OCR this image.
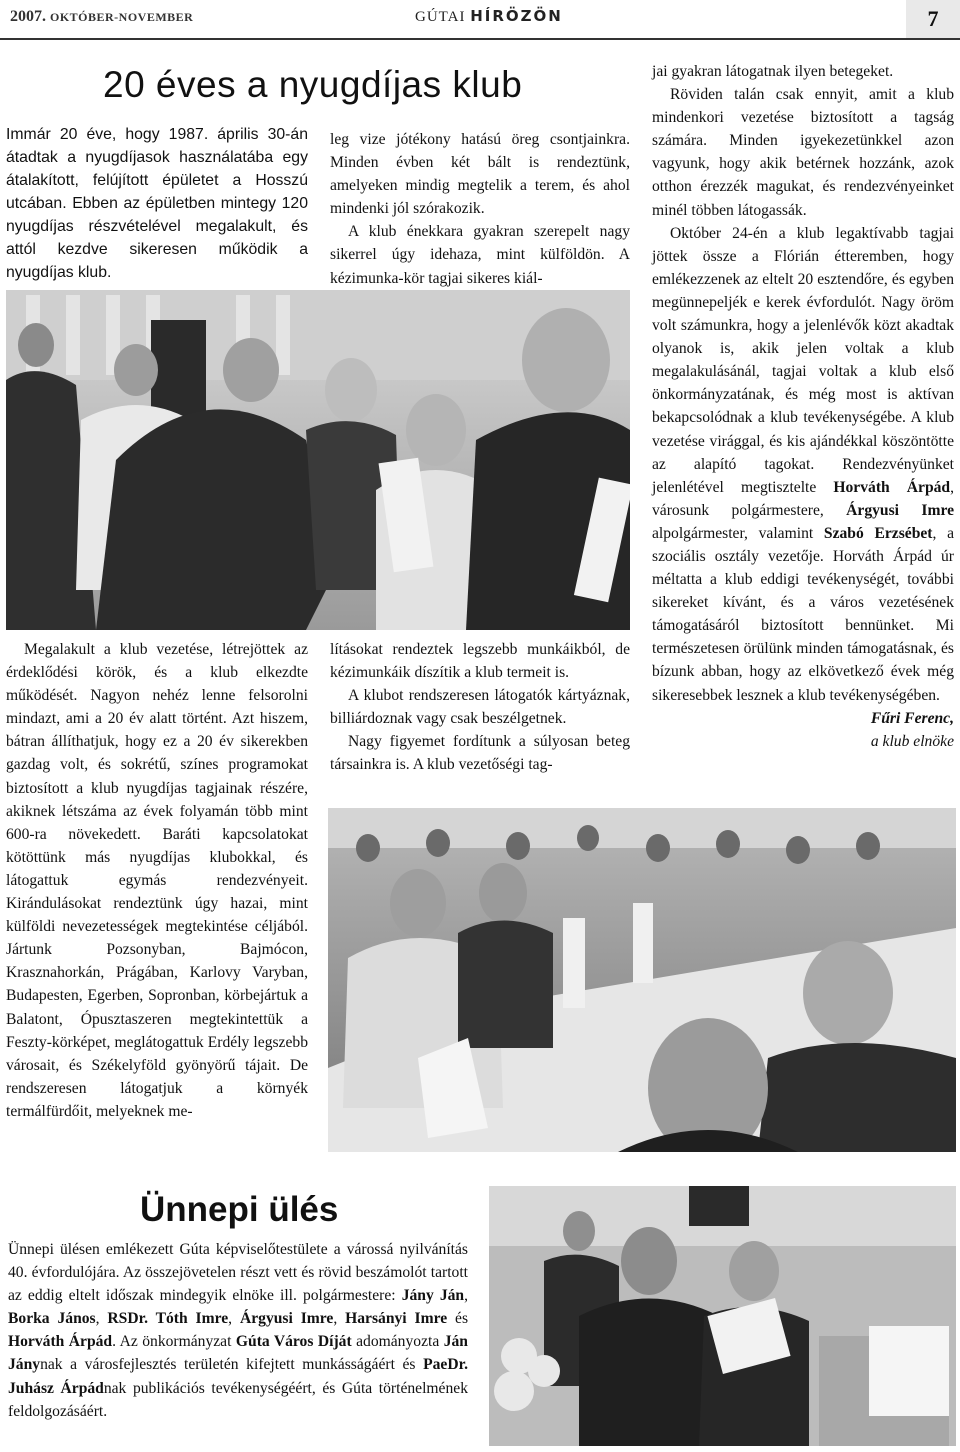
2007. OKTÓBER-NOVEMBER	GÚTAI HÍRÖZÖN	7
20 éves a nyugdíjas klub

Immár 20 éve, hogy 1987. április 30-án átadtak a nyugdíjasok használatába egy átalakított, felújított épületet a Hosszú utcában. Ebben az épületben mintegy 120 nyugdíjas részvételével megalakult, és attól kezdve sikeresen működik a nyugdíjas klub.

leg vize jótékony hatású öreg csontjainkra. Minden évben két bált is rendeztünk, amelyeken mindig megtelik a terem, és ahol mindenki jól szórakozik.

A klub énekkara gyakran szerepelt nagy sikerrel úgy idehaza, mint külföldön. A kézimunka-kör tagjai sikeres kiál-

Megalakult a klub vezetése, létrejöttek az érdeklődési körök, és a klub elkezdte működését. Nagyon nehéz lenne felsorolni mindazt, ami a 20 év alatt történt. Azt hiszem, bátran állíthatjuk, hogy ez a 20 év sikerekben gazdag volt, és sokrétű, színes programokat biztosított a klub nyugdíjas tagjainak részére, akiknek létszáma az évek folyamán több mint 600-ra növekedett. Baráti kapcsolatokat kötöttünk más nyugdíjas klubokkal, és látogattuk egymás rendezvényeit. Kirándulásokat rendeztünk úgy hazai, mint külföldi nevezetességek megtekintése céljából. Jártunk Pozsonyban, Bajmócon, Krasznahorkán, Prágában, Karlovy Varyban, Budapesten, Egerben, Sopronban, körbejártuk a Balatont, Ópusztaszeren megtekintettük a Feszty-körképet, meglátogattuk Erdély legszebb városait, és Székelyföld gyönyörű tájait. De rendszeresen látogatjuk a környék termálfürdőit, melyeknek me-

lításokat rendeztek legszebb munkáikból, de kézimunkáik díszítik a klub termeit is.

A klubot rendszeresen látogatók kártyáznak, billiárdoznak vagy csak beszélgetnek.

Nagy figyemet fordítunk a súlyosan beteg társainkra is. A klub vezetőségi tag-

jai gyakran látogatnak ilyen betegeket.

Röviden talán csak ennyit, amit a klub mindenkori vezetése biztosított a tagság számára. Minden igyekezetünkkel azon vagyunk, hogy akik betérnek hozzánk, azok otthon érezzék magukat, és rendezvényeinket minél többen látogassák.

Október 24-én a klub legaktívabb tagjai jöttek össze a Flórián étteremben, hogy emlékezzenek az eltelt 20 esztendőre, és egyben megünnepeljék e kerek évfordulót. Nagy öröm volt számunkra, hogy a jelenlévők közt akadtak olyanok is, akik jelen voltak a klub megalakulásánál, tagjai voltak a klub első önkormányzatának, és még most is aktívan bekapcsolódnak a klub tevékenységébe. A klub vezetése virággal, és kis ajándékkal köszöntötte az alapító tagokat. Rendezvényünket jelenlétével megtisztelte Horváth Árpád, városunk polgármestere, Árgyusi Imre alpolgármester, valamint Szabó Erzsébet, a szociális osztály vezetője. Horváth Árpád úr méltatta a klub eddigi tevékenységét, további sikereket kívánt, és a város vezetésének támogatásáról biztosított bennünket. Mi természetesen örülünk minden támogatásnak, és bízunk abban, hogy az elkövetkező évek még sikeresebbek lesznek a klub tevékenységében.

Fűri Ferenc,

a klub elnöke

Ünnepi ülés

Ünnepi ülésen emlékezett Gúta képviselőtestülete a várossá nyilvánítás 40. évfordulójára. Az összejövetelen részt vett és rövid beszámolót tartott az eddig eltelt időszak mindegyik elnöke ill. polgármestere: Jány Ján, Borka János, RSDr. Tóth Imre, Árgyusi Imre, Harsányi Imre és Horváth Árpád. Az önkormányzat Gúta Város Díját adományozta Ján Jánynak a városfejlesztés területén kifejtett munkásságáért és PaeDr. Juhász Árpádnak publikációs tevékenységéért, és Gúta történelmének feldolgozásáért.
